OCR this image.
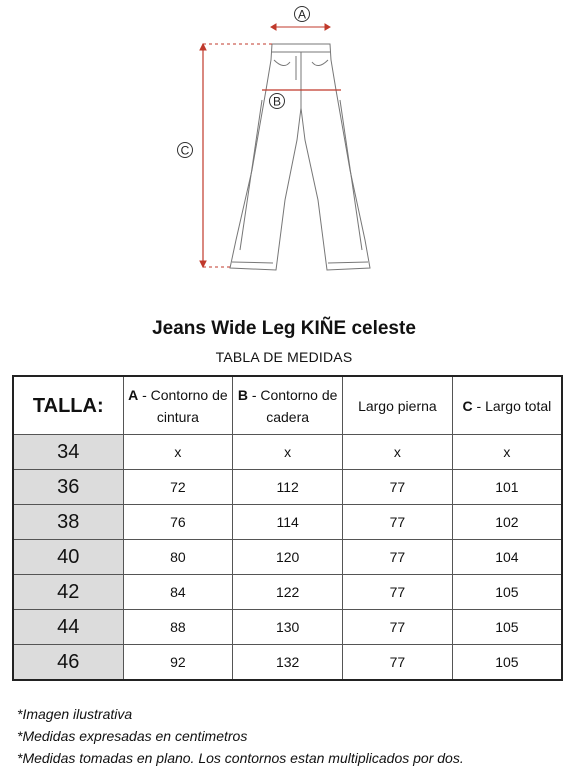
A
B
C
Jeans Wide Leg KIÑE celeste
TABLA DE MEDIDAS
TALLA:	A - Contorno de cintura	B - Contorno de cadera	Largo pierna	C - Largo total
34	x	x	x	x
36	72	112	77	101
38	76	114	77	102
40	80	120	77	104
42	84	122	77	105
44	88	130	77	105
46	92	132	77	105
*Imagen ilustrativa
*Medidas expresadas en centimetros
*Medidas tomadas en plano. Los contornos estan multiplicados por dos.
